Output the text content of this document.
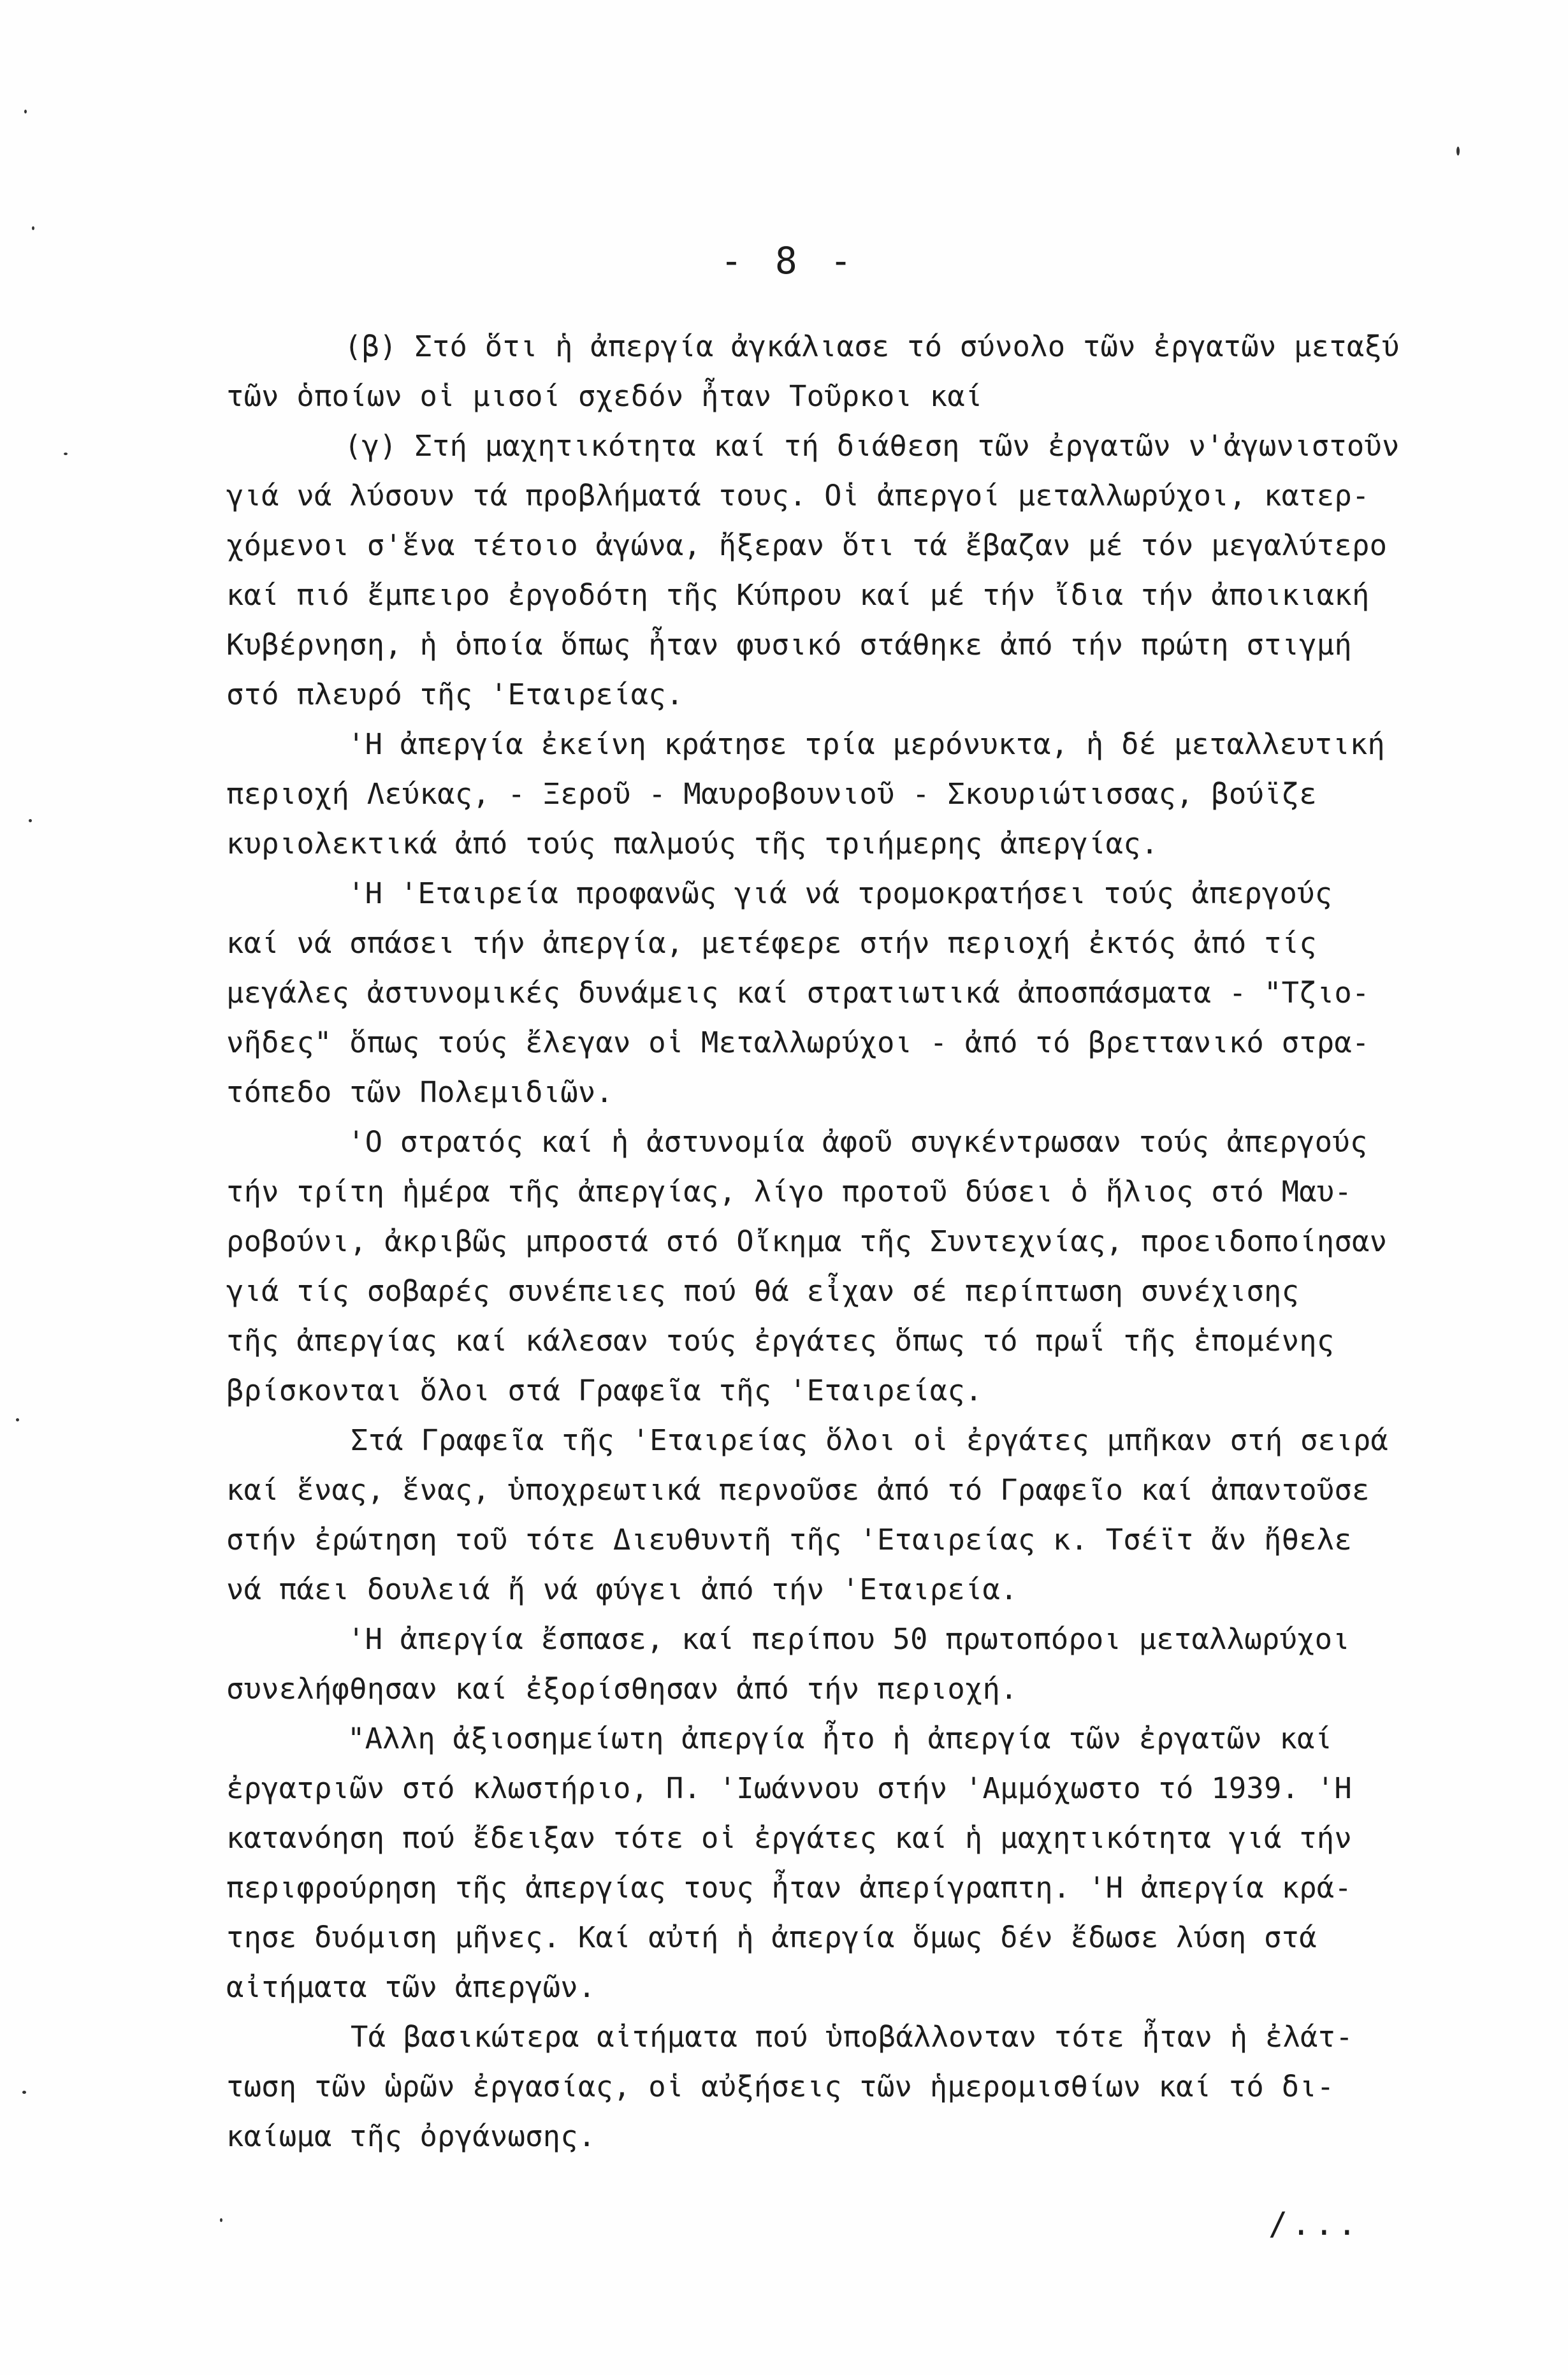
- 8 -
(β) Στό ὅτι ἡ ἀπεργία ἀγκάλιασε τό σύνολο τῶν ἐργατῶν μεταξύ
τῶν ὁποίων οἱ μισοί σχεδόν ἦταν Τοῦρκοι καί
(γ) Στή μαχητικότητα καί τή διάθεση τῶν ἐργατῶν ν'ἀγωνιστοῦν
γιά νά λύσουν τά προβλήματά τους. Οἱ ἀπεργοί μεταλλωρύχοι, κατερ-
χόμενοι σ'ἕνα τέτοιο ἀγώνα, ἤξεραν ὅτι τά ἔβαζαν μέ τόν μεγαλύτερο
καί πιό ἔμπειρο ἐργοδότη τῆς Κύπρου καί μέ τήν ἴδια τήν ἀποικιακή
Κυβέρνηση, ἡ ὁποία ὅπως ἦταν φυσικό στάθηκε ἀπό τήν πρώτη στιγμή
στό πλευρό τῆς 'Εταιρείας.
'Η ἀπεργία ἐκείνη κράτησε τρία μερόνυκτα, ἡ δέ μεταλλευτική
περιοχή Λεύκας, - Ξεροῦ - Μαυροβουνιοῦ - Σκουριώτισσας, βούϊζε
κυριολεκτικά ἀπό τούς παλμούς τῆς τριήμερης ἀπεργίας.
'Η 'Εταιρεία προφανῶς γιά νά τρομοκρατήσει τούς ἀπεργούς
καί νά σπάσει τήν ἀπεργία, μετέφερε στήν περιοχή ἐκτός ἀπό τίς
μεγάλες ἀστυνομικές δυνάμεις καί στρατιωτικά ἀποσπάσματα - "Τζιο-
νῆδες" ὅπως τούς ἔλεγαν οἱ Μεταλλωρύχοι - ἀπό τό βρεττανικό στρα-
τόπεδο τῶν Πολεμιδιῶν.
'Ο στρατός καί ἡ ἀστυνομία ἀφοῦ συγκέντρωσαν τούς ἀπεργούς
τήν τρίτη ἡμέρα τῆς ἀπεργίας, λίγο προτοῦ δύσει ὁ ἥλιος στό Μαυ-
ροβούνι, ἀκριβῶς μπροστά στό Οἴκημα τῆς Συντεχνίας, προειδοποίησαν
γιά τίς σοβαρές συνέπειες πού θά εἶχαν σέ περίπτωση συνέχισης
τῆς ἀπεργίας καί κάλεσαν τούς ἐργάτες ὅπως τό πρωΐ τῆς ἑπομένης
βρίσκονται ὅλοι στά Γραφεῖα τῆς 'Εταιρείας.
Στά Γραφεῖα τῆς 'Εταιρείας ὅλοι οἱ ἐργάτες μπῆκαν στή σειρά
καί ἕνας, ἕνας, ὑποχρεωτικά περνοῦσε ἀπό τό Γραφεῖο καί ἀπαντοῦσε
στήν ἐρώτηση τοῦ τότε Διευθυντῆ τῆς 'Εταιρείας κ. Τσέϊτ ἄν ἤθελε
νά πάει δουλειά ἤ νά φύγει ἀπό τήν 'Εταιρεία.
'Η ἀπεργία ἔσπασε, καί περίπου 50 πρωτοπόροι μεταλλωρύχοι
συνελήφθησαν καί ἐξορίσθησαν ἀπό τήν περιοχή.
"Αλλη ἀξιοσημείωτη ἀπεργία ἦτο ἡ ἀπεργία τῶν ἐργατῶν καί
ἐργατριῶν στό κλωστήριο, Π. 'Ιωάννου στήν 'Αμμόχωστο τό 1939. 'Η
κατανόηση πού ἔδειξαν τότε οἱ ἐργάτες καί ἡ μαχητικότητα γιά τήν
περιφρούρηση τῆς ἀπεργίας τους ἦταν ἀπερίγραπτη. 'Η ἀπεργία κρά-
τησε δυόμιση μῆνες. Καί αὐτή ἡ ἀπεργία ὅμως δέν ἔδωσε λύση στά
αἰτήματα τῶν ἀπεργῶν.
Τά βασικώτερα αἰτήματα πού ὑποβάλλονταν τότε ἦταν ἡ ἐλάτ-
τωση τῶν ὡρῶν ἐργασίας, οἱ αὐξήσεις τῶν ἡμερομισθίων καί τό δι-
καίωμα τῆς ὀργάνωσης.
/...
